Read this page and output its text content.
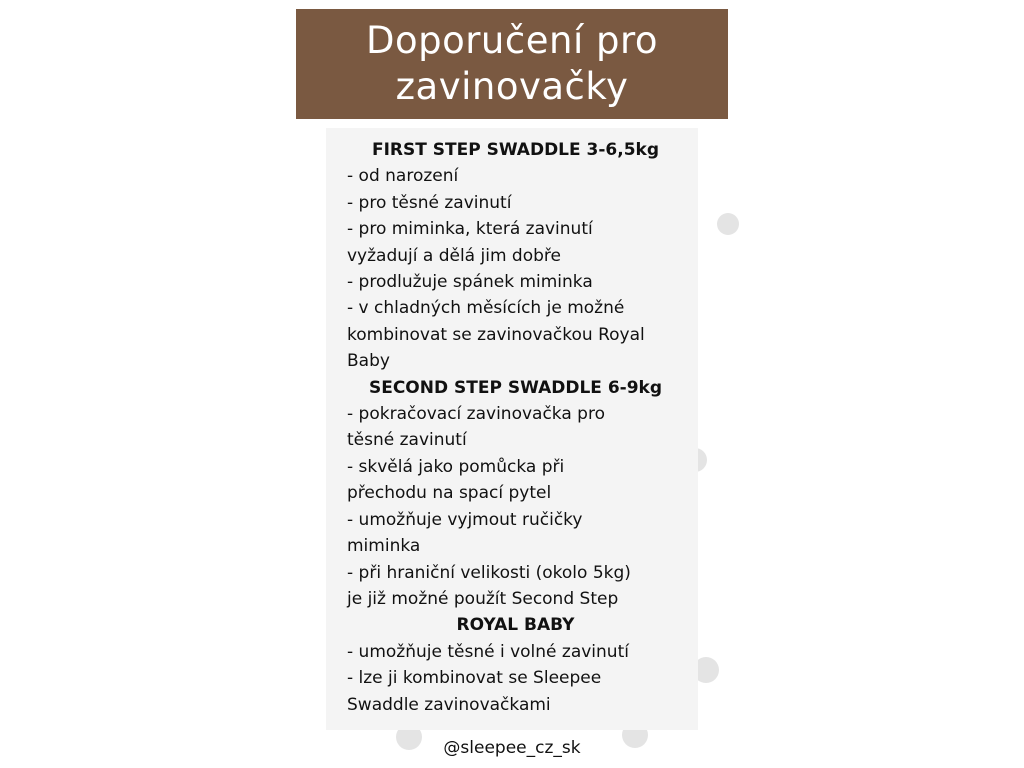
Doporučení pro
zavinovačky
FIRST STEP SWADDLE 3-6,5kg
- od narození
- pro těsné zavinutí
- pro miminka, která zavinutí
vyžadují a dělá jim dobře
- prodlužuje spánek miminka
- v chladných měsících je možné
kombinovat se zavinovačkou Royal
Baby
SECOND STEP SWADDLE 6-9kg
- pokračovací zavinovačka pro
těsné zavinutí
- skvělá jako pomůcka při
přechodu na spací pytel
- umožňuje vyjmout ručičky
miminka
- při hraniční velikosti (okolo 5kg)
je již možné použít Second Step
ROYAL BABY
- umožňuje těsné i volné zavinutí
- lze ji kombinovat se Sleepee
Swaddle zavinovačkami
@sleepee_cz_sk
